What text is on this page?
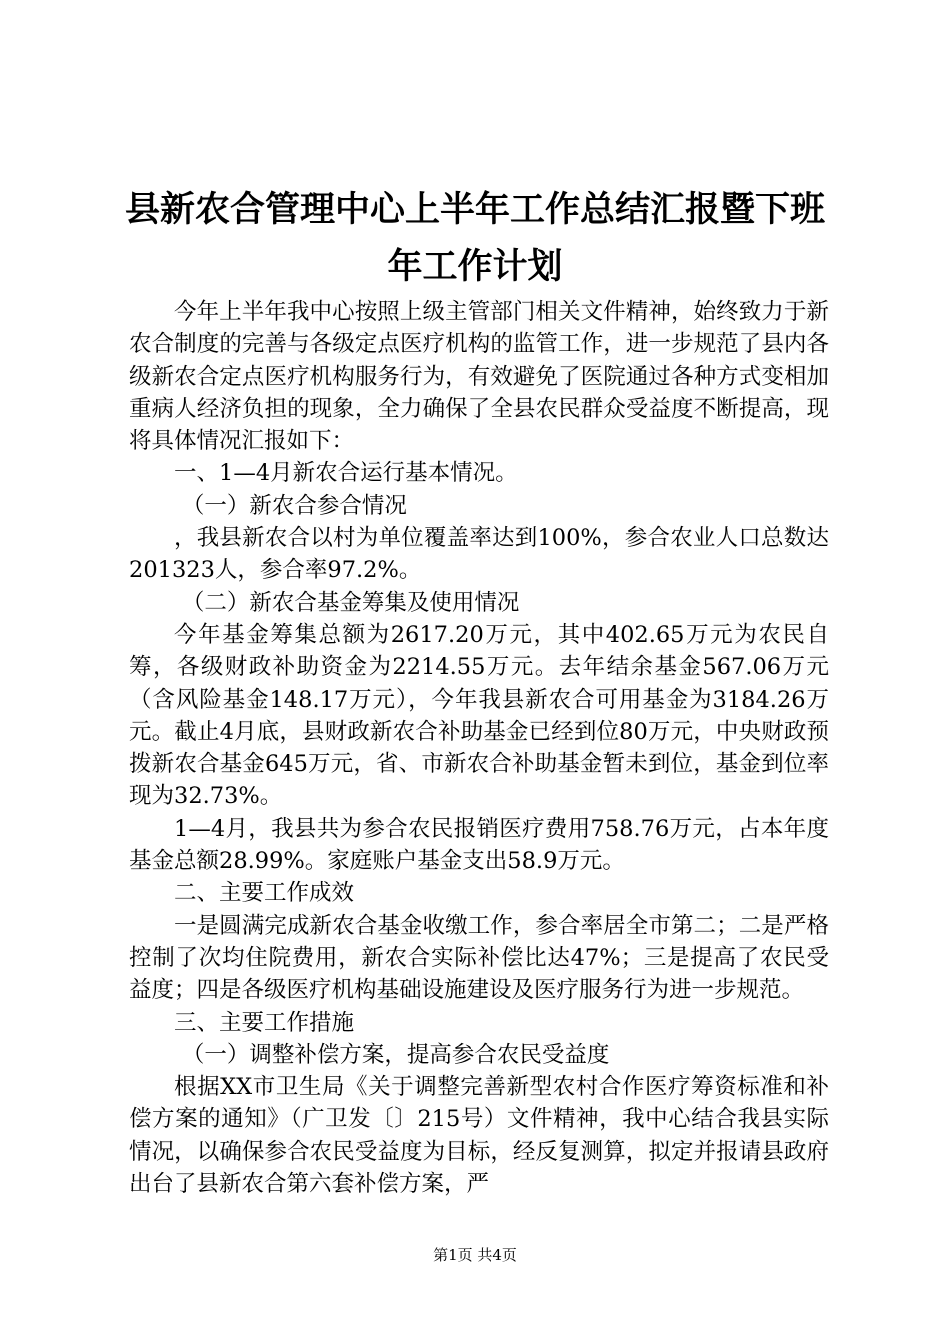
县新农合管理中心上半年工作总结汇报暨下班
年工作计划

今年上半年我中心按照上级主管部门相关文件精神，始终致力于新农合制度的完善与各级定点医疗机构的监管工作，进一步规范了县内各级新农合定点医疗机构服务行为，有效避免了医院通过各种方式变相加重病人经济负担的现象，全力确保了全县农民群众受益度不断提高，现将具体情况汇报如下：

一、1—4月新农合运行基本情况。

（一）新农合参合情况

，我县新农合以村为单位覆盖率达到100%，参合农业人口总数达201323人，参合率97.2%。

（二）新农合基金筹集及使用情况

今年基金筹集总额为2617.20万元，其中402.65万元为农民自筹，各级财政补助资金为2214.55万元。去年结余基金567.06万元（含风险基金148.17万元），今年我县新农合可用基金为3184.26万元。截止4月底，县财政新农合补助基金已经到位80万元，中央财政预拨新农合基金645万元，省、市新农合补助基金暂未到位，基金到位率现为32.73%。

1—4月，我县共为参合农民报销医疗费用758.76万元，占本年度基金总额28.99%。家庭账户基金支出58.9万元。

二、主要工作成效

一是圆满完成新农合基金收缴工作，参合率居全市第二；二是严格控制了次均住院费用，新农合实际补偿比达47%；三是提高了农民受益度；四是各级医疗机构基础设施建设及医疗服务行为进一步规范。

三、主要工作措施

（一）调整补偿方案，提高参合农民受益度

根据XX市卫生局《关于调整完善新型农村合作医疗筹资标准和补偿方案的通知》（广卫发〔〕215号）文件精神，我中心结合我县实际情况，以确保参合农民受益度为目标，经反复测算，拟定并报请县政府出台了县新农合第六套补偿方案，严

第1页 共4页
